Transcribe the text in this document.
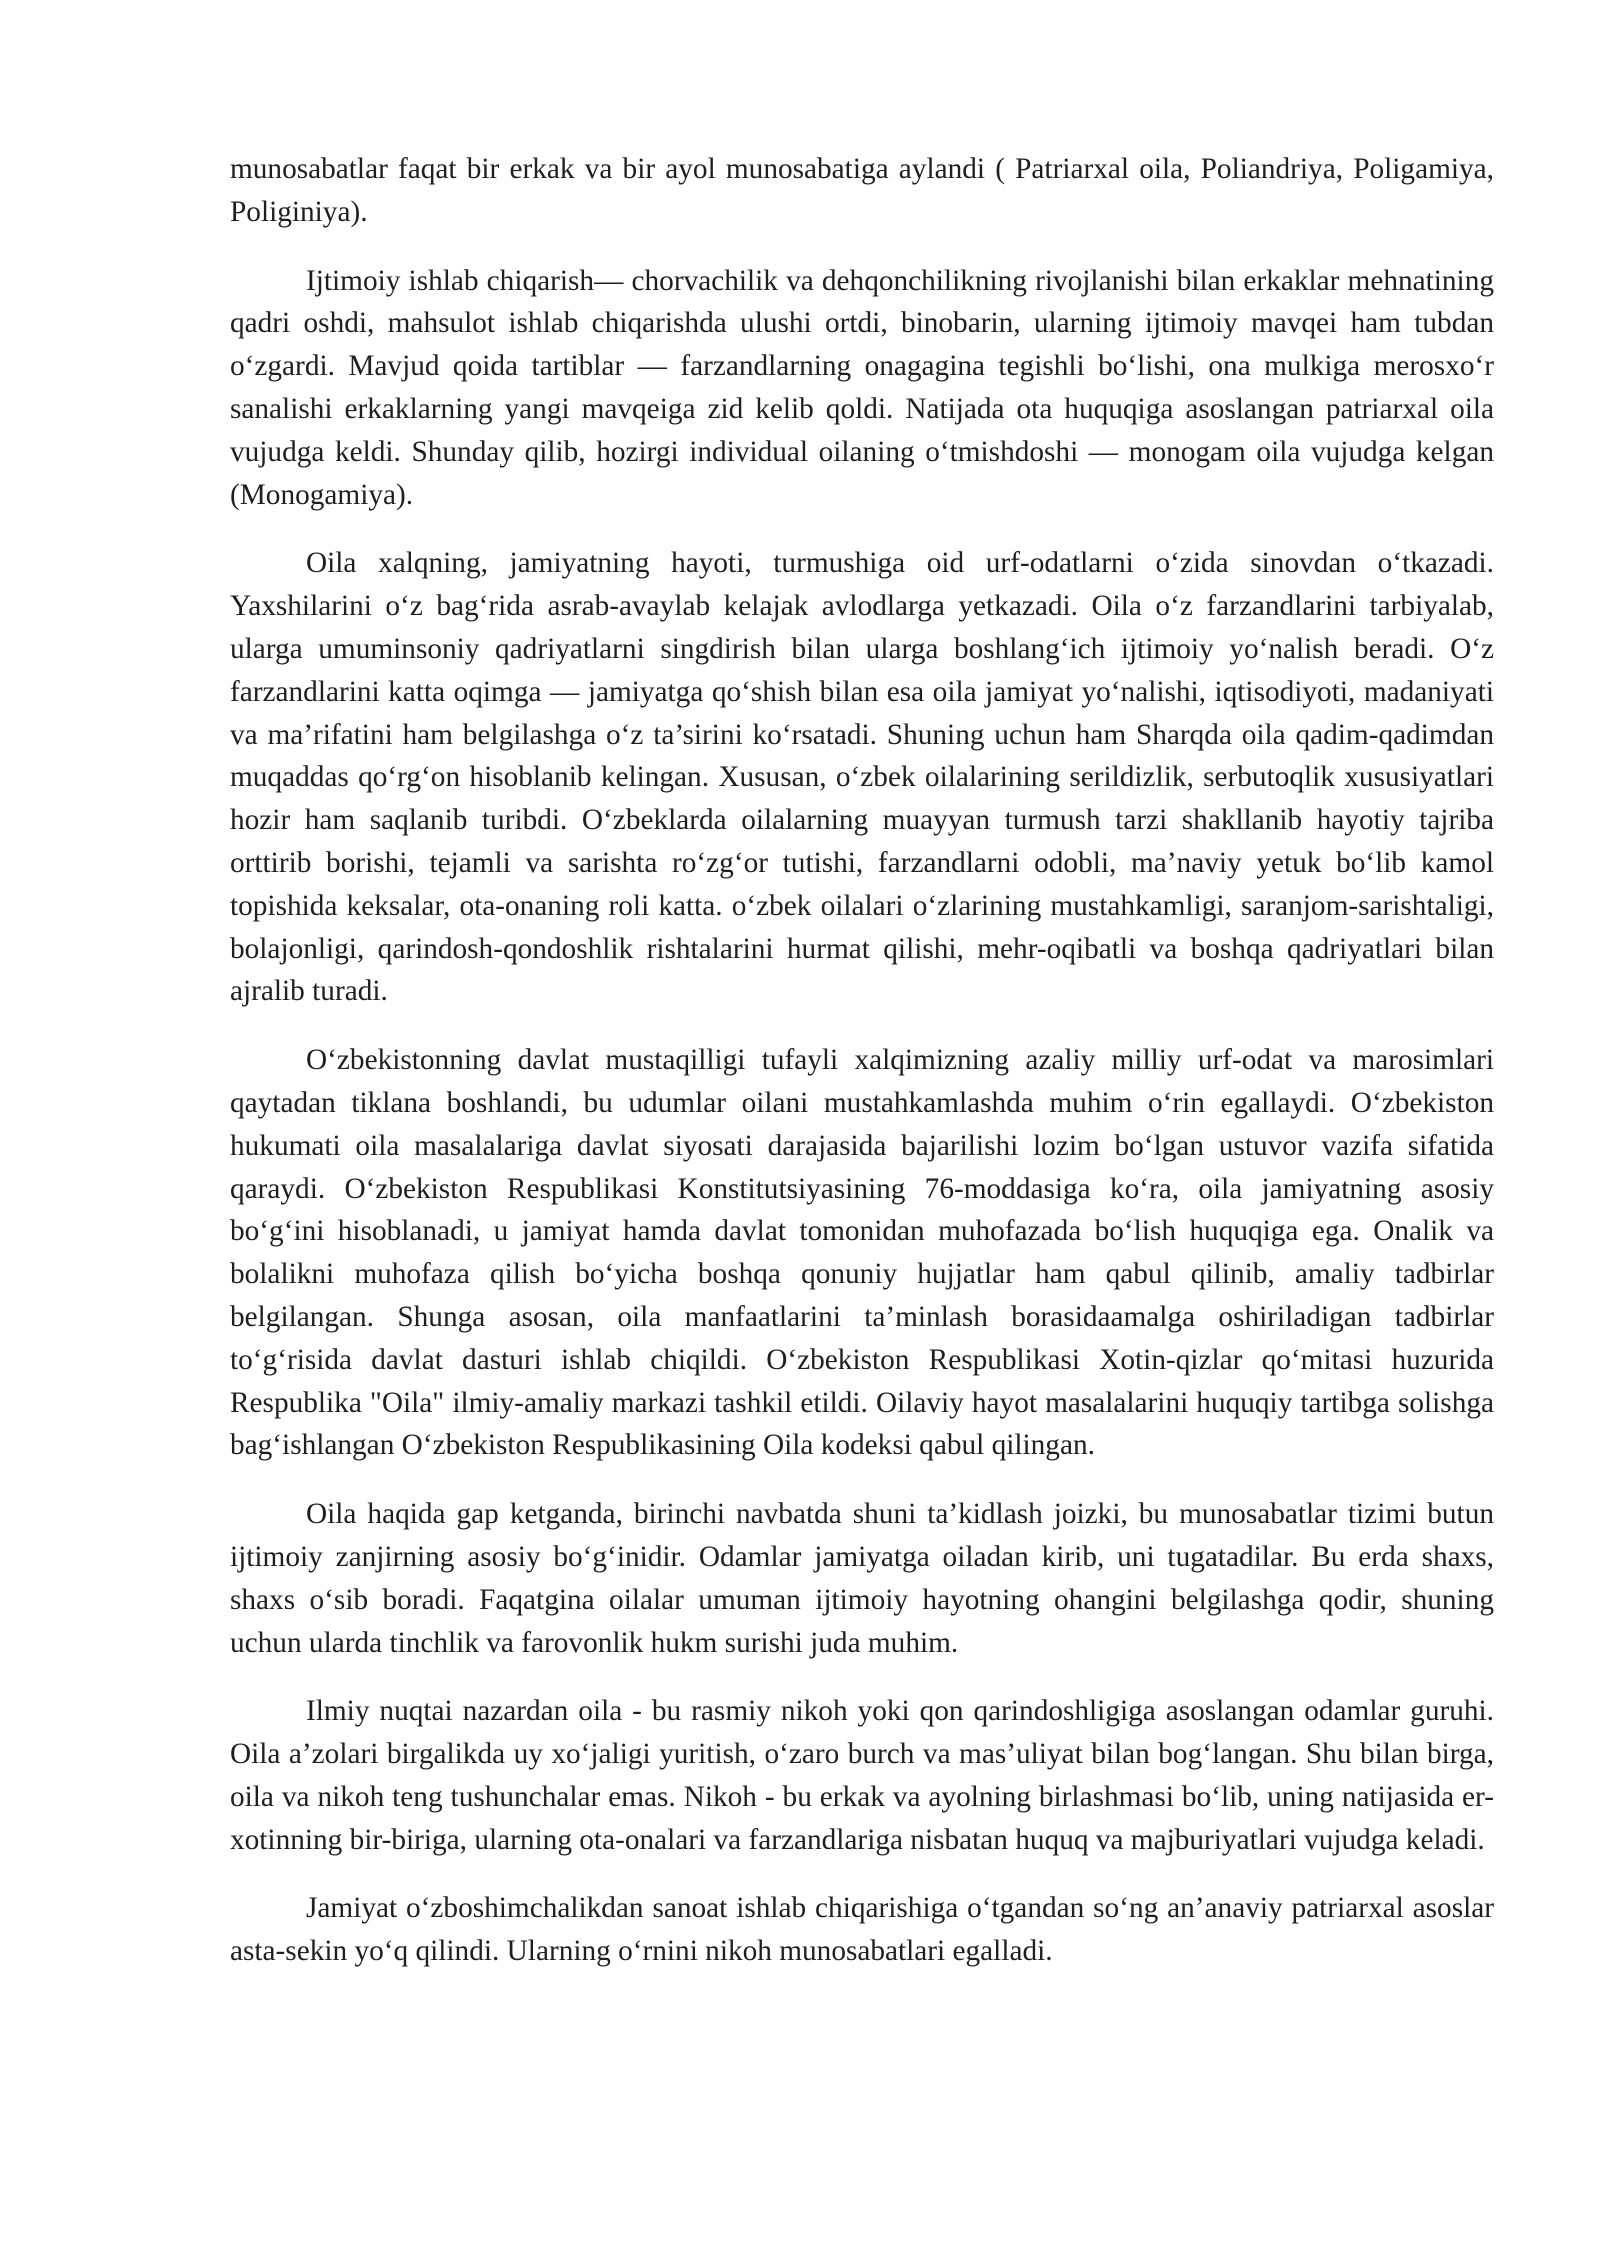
munosabatlar faqat bir erkak va bir ayol munosabatiga aylandi ( Patriarxal oila, Poliandriya, Poligamiya, Poliginiya).

Ijtimoiy ishlab chiqarish— chorvachilik va dehqonchilikning rivojlanishi bilan erkaklar mehnatining qadri oshdi, mahsulot ishlab chiqarishda ulushi ortdi, binobarin, ularning ijtimoiy mavqei ham tubdan o‘zgardi. Mavjud qoida tartiblar — farzandlarning onagagina tegishli bo‘lishi, ona mulkiga merosxo‘r sanalishi erkaklarning yangi mavqeiga zid kelib qoldi. Natijada ota huquqiga asoslangan patriarxal oila vujudga keldi. Shunday qilib, hozirgi individual oilaning o‘tmishdoshi — monogam oila vujudga kelgan (Monogamiya).

Oila xalqning, jamiyatning hayoti, turmushiga oid urf-odatlarni o‘zida sinovdan o‘tkazadi. Yaxshilarini o‘z bag‘rida asrab-avaylab kelajak avlodlarga yetkazadi. Oila o‘z farzandlarini tarbiyalab, ularga umuminsoniy qadriyatlarni singdirish bilan ularga boshlang‘ich ijtimoiy yo‘nalish beradi. O‘z farzandlarini katta oqimga — jamiyatga qo‘shish bilan esa oila jamiyat yo‘nalishi, iqtisodiyoti, madaniyati va ma’rifatini ham belgilashga o‘z ta’sirini ko‘rsatadi. Shuning uchun ham Sharqda oila qadim-qadimdan muqaddas qo‘rg‘on hisoblanib kelingan. Xususan, o‘zbek oilalarining serildizlik, serbutoqlik xususiyatlari hozir ham saqlanib turibdi. O‘zbeklarda oilalarning muayyan turmush tarzi shakllanib hayotiy tajriba orttirib borishi, tejamli va sarishta ro‘zg‘or tutishi, farzandlarni odobli, ma’naviy yetuk bo‘lib kamol topishida keksalar, ota-onaning roli katta. o‘zbek oilalari o‘zlarining mustahkamligi, saranjom-sarishtaligi, bolajonligi, qarindosh-qondoshlik rishtalarini hurmat qilishi, mehr-oqibatli va boshqa qadriyatlari bilan ajralib turadi.

O‘zbekistonning davlat mustaqilligi tufayli xalqimizning azaliy milliy urf-odat va marosimlari qaytadan tiklana boshlandi, bu udumlar oilani mustahkamlashda muhim o‘rin egallaydi. O‘zbekiston hukumati oila masalalariga davlat siyosati darajasida bajarilishi lozim bo‘lgan ustuvor vazifa sifatida qaraydi. O‘zbekiston Respublikasi Konstitutsiyasining 76-moddasiga ko‘ra, oila jamiyatning asosiy bo‘g‘ini hisoblanadi, u jamiyat hamda davlat tomonidan muhofazada bo‘lish huquqiga ega. Onalik va bolalikni muhofaza qilish bo‘yicha boshqa qonuniy hujjatlar ham qabul qilinib, amaliy tadbirlar belgilangan. Shunga asosan, oila manfaatlarini ta’minlash borasidaamalga oshiriladigan tadbirlar to‘g‘risida davlat dasturi ishlab chiqildi. O‘zbekiston Respublikasi Xotin-qizlar qo‘mitasi huzurida Respublika "Oila" ilmiy-amaliy markazi tashkil etildi. Oilaviy hayot masalalarini huquqiy tartibga solishga bag‘ishlangan O‘zbekiston Respublikasining Oila kodeksi qabul qilingan.

Oila haqida gap ketganda, birinchi navbatda shuni ta’kidlash joizki, bu munosabatlar tizimi butun ijtimoiy zanjirning asosiy bo‘g‘inidir. Odamlar jamiyatga oiladan kirib, uni tugatadilar. Bu erda shaxs, shaxs o‘sib boradi. Faqatgina oilalar umuman ijtimoiy hayotning ohangini belgilashga qodir, shuning uchun ularda tinchlik va farovonlik hukm surishi juda muhim.

Ilmiy nuqtai nazardan oila - bu rasmiy nikoh yoki qon qarindoshligiga asoslangan odamlar guruhi. Oila a’zolari birgalikda uy xo‘jaligi yuritish, o‘zaro burch va mas’uliyat bilan bog‘langan. Shu bilan birga, oila va nikoh teng tushunchalar emas. Nikoh - bu erkak va ayolning birlashmasi bo‘lib, uning natijasida er-xotinning bir-biriga, ularning ota-onalari va farzandlariga nisbatan huquq va majburiyatlari vujudga keladi.

Jamiyat o‘zboshimchalikdan sanoat ishlab chiqarishiga o‘tgandan so‘ng an’anaviy patriarxal asoslar asta-sekin yo‘q qilindi. Ularning o‘rnini nikoh munosabatlari egalladi.
